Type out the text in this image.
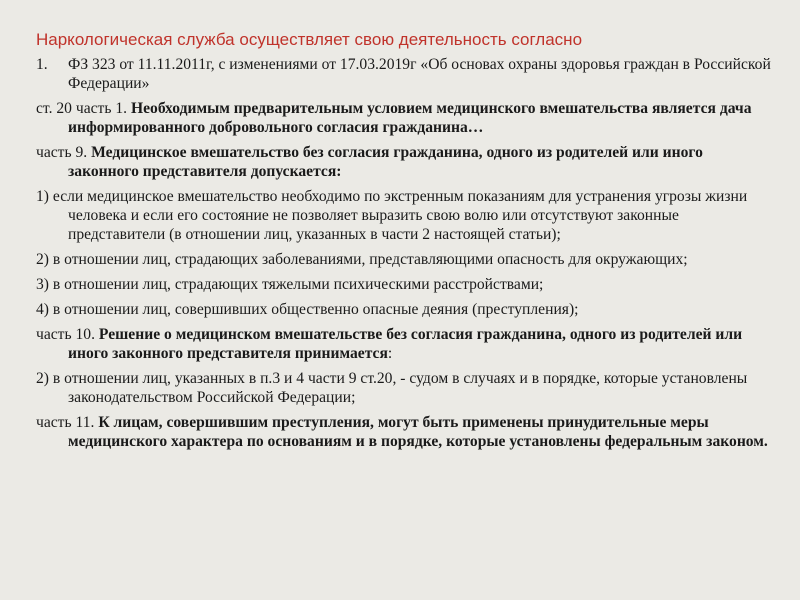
Наркологическая служба осуществляет свою деятельность согласно
1. ФЗ 323 от 11.11.2011г, с изменениями от 17.03.2019г «Об основах охраны здоровья граждан в Российской Федерации»
ст. 20 часть 1. Необходимым предварительным условием медицинского вмешательства является дача информированного добровольного согласия гражданина…
часть 9. Медицинское вмешательство без согласия гражданина, одного из родителей или иного законного представителя допускается:
1) если медицинское вмешательство необходимо по экстренным показаниям для устранения угрозы жизни человека и если его состояние не позволяет выразить свою волю или отсутствуют законные представители (в отношении лиц, указанных в части 2 настоящей статьи);
2) в отношении лиц, страдающих заболеваниями, представляющими опасность для окружающих;
3) в отношении лиц, страдающих тяжелыми психическими расстройствами;
4) в отношении лиц, совершивших общественно опасные деяния (преступления);
часть 10. Решение о медицинском вмешательстве без согласия гражданина, одного из родителей или иного законного представителя принимается:
2) в отношении лиц, указанных в п.3 и 4 части 9 ст.20, - судом в случаях и в порядке, которые установлены законодательством Российской Федерации;
часть 11. К лицам, совершившим преступления, могут быть применены принудительные меры медицинского характера по основаниям и в порядке, которые установлены федеральным законом.
